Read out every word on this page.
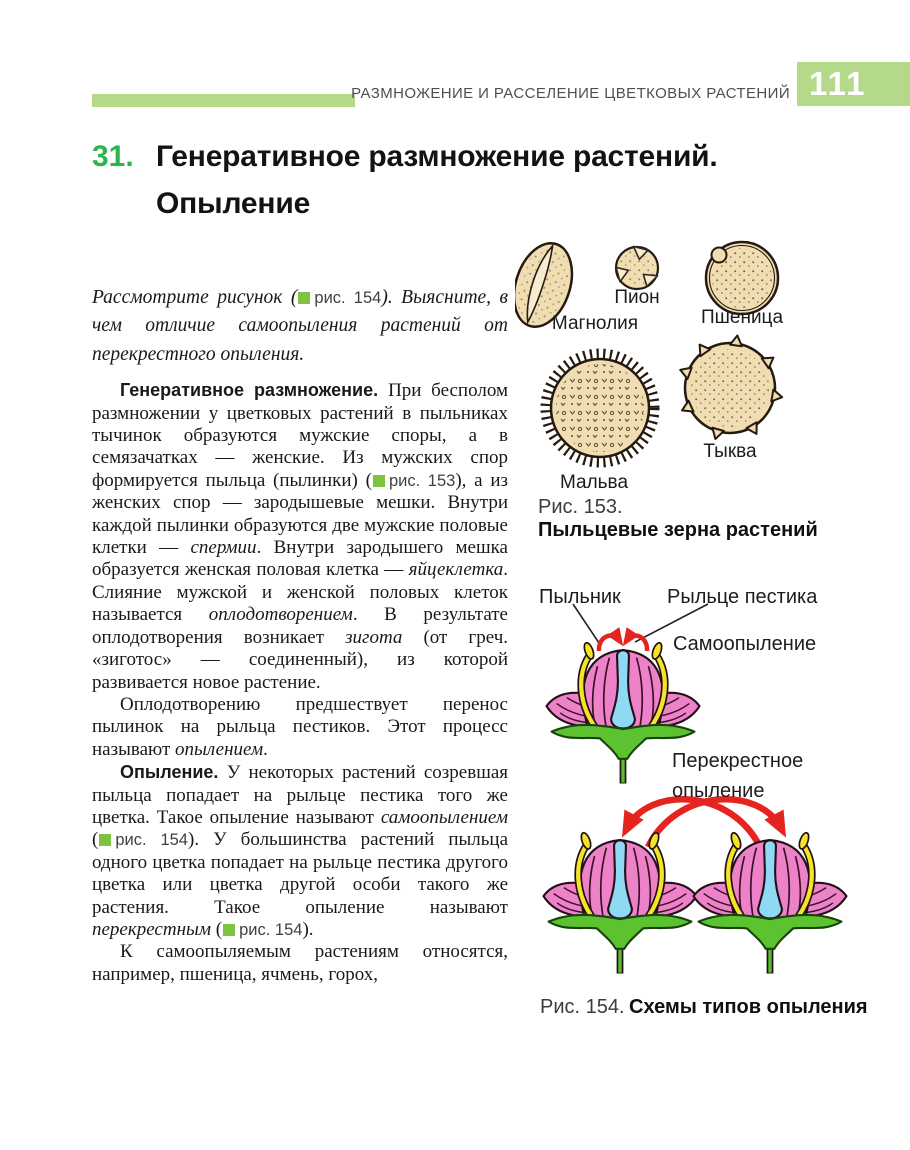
РАЗМНОЖЕНИЕ И РАССЕЛЕНИЕ ЦВЕТКОВЫХ РАСТЕНИЙ 111
31. Генеративное размножение растений.
Опыление

Рассмотрите рисунок ( рис. 154). Выясните, в чем отличие самоопыления растений от перекрестного опыления.

Генеративное размножение. При бесполом размножении у цветковых растений в пыльниках тычинок образуются мужские споры, а в семязачатках — женские. Из мужских спор формируется пыльца (пылинки) ( рис. 153), а из женских спор — зародышевые мешки. Внутри каждой пылинки образуются две мужские половые клетки — спермии. Внутри зародышего мешка образуется женская половая клетка — яйцеклетка. Слияние мужской и женской половых клеток называется оплодотворением. В результате оплодотворения возникает зигота (от греч. «зиготос» — соединенный), из которой развивается новое растение.

Оплодотворению предшествует перенос пылинок на рыльца пестиков. Этот процесс называют опылением.

Опыление. У некоторых растений созревшая пыльца попадает на рыльце пестика того же цветка. Такое опыление называют самоопылением ( рис. 154). У большинства растений пыльца одного цветка попадает на рыльце пестика другого цветка или цветка другой особи такого же растения. Такое опыление называют перекрестным ( рис. 154).

К самоопыляемым растениям относятся, например, пшеница, ячмень, горох,

Магнолия
Пион
Пшеница
Мальва
Тыква
Рис. 153.
Пыльцевые зерна растений
Пыльник Рыльце пестика
Самоопыление
Перекрестное
опыление
Рис. 154. Схемы типов опыления
